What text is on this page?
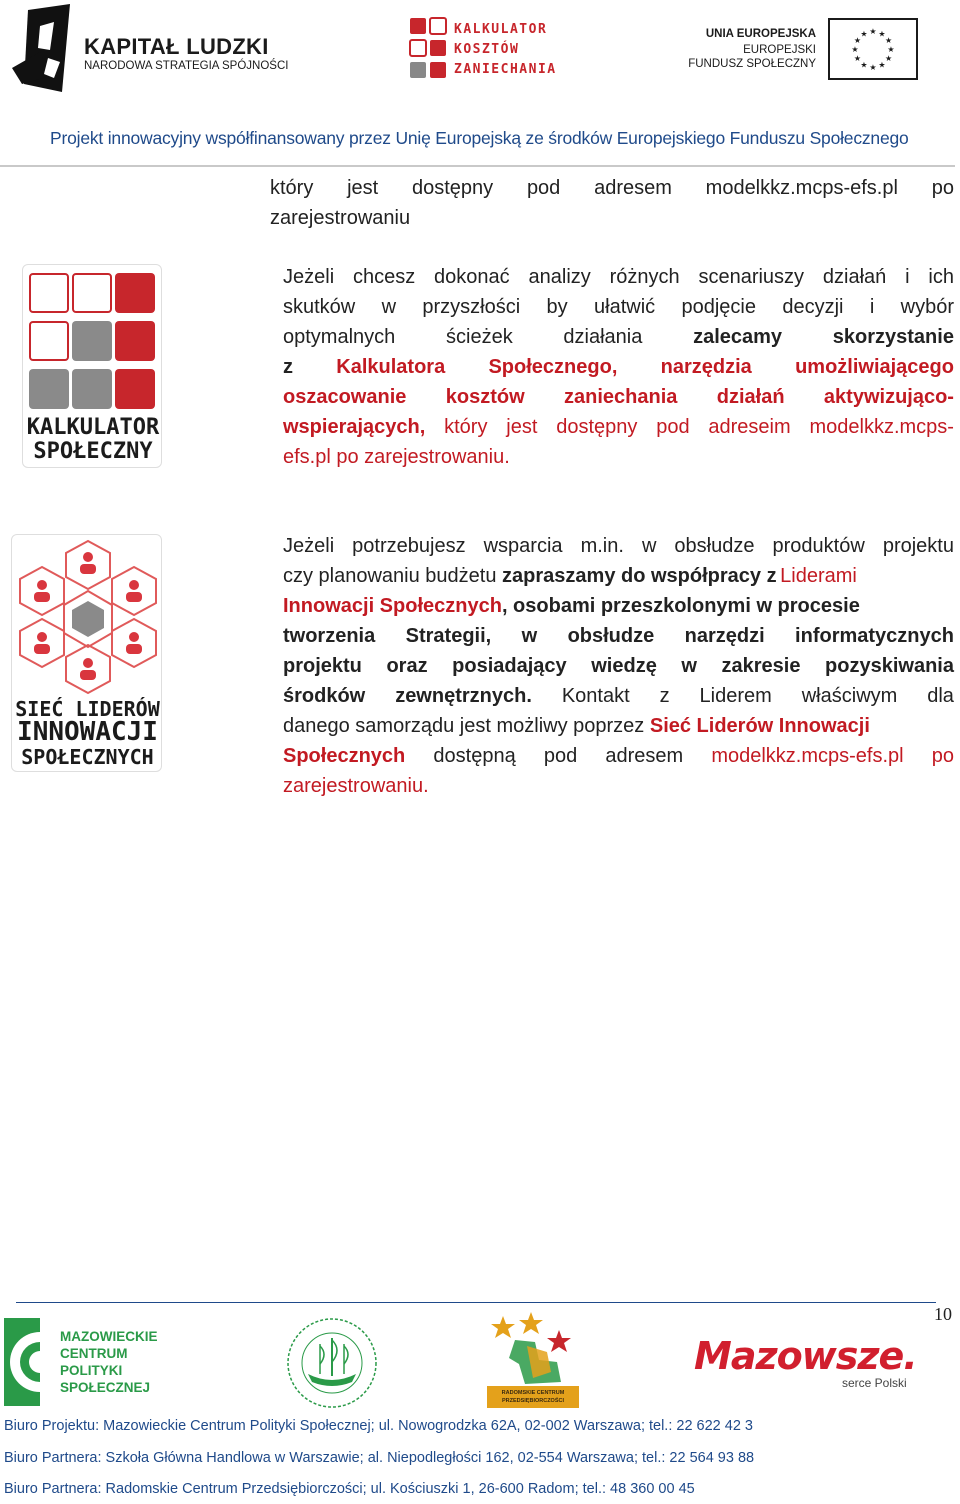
KAPITAŁ LUDZKI
NARODOWA STRATEGIA SPÓJNOŚCI
KALKULATOR
KOSZTÓW
ZANIECHANIA
UNIA EUROPEJSKA
EUROPEJSKI
FUNDUSZ SPOŁECZNY
★ ★
★
★
★
★
★
★
★
★
★
★
Projekt innowacyjny współfinansowany przez Unię Europejską ze środków Europejskiego Funduszu Społecznego
który jest dostępny pod adresem modelkkz.mcps-efs.pl po
zarejestrowaniu
KALKULATOR
SPOŁECZNY
Jeżeli chcesz dokonać analizy różnych scenariuszy działań i ich
skutków w przyszłości by ułatwić podjęcie decyzji i wybór
optymalnych	ścieżek	działania	zalecamy	skorzystanie
z Kalkulatora Społecznego, narzędzia umożliwiającego
oszacowanie kosztów zaniechania działań aktywizująco-
wspierających, który jest dostępny pod adreseim modelkkz.mcps-
efs.pl po zarejestrowaniu.
SIEĆ LIDERÓW
INNOWACJI
SPOŁECZNYCH
Jeżeli potrzebujesz wsparcia m.in. w obsłudze produktów projektu
czy planowaniu budżetu zapraszamy do współpracy z Liderami
Innowacji Społecznych, osobami przeszkolonymi w procesie
tworzenia Strategii, w obsłudze narzędzi informatycznych
projektu oraz posiadający wiedzę w zakresie pozyskiwania
środków zewnętrznych. Kontakt z Liderem właściwym dla
danego samorządu jest możliwy poprzez Sieć Liderów Innowacji
Społecznych dostępną pod adresem modelkkz.mcps-efs.pl po
zarejestrowaniu.
10
MAZOWIECKIE
CENTRUM
POLITYKI
SPOŁECZNEJ	RADOMSKIE CENTRUM
PRZEDSIĘBIORCZOŚCI
Mazowsze.
serce Polski
Biuro Projektu: Mazowieckie Centrum Polityki Społecznej; ul. Nowogrodzka 62A, 02-002 Warszawa; tel.: 22 622 42 3
Biuro Partnera: Szkoła Główna Handlowa w Warszawie; al. Niepodległości 162, 02-554 Warszawa; tel.: 22 564 93 88
Biuro Partnera: Radomskie Centrum Przedsiębiorczości; ul. Kościuszki 1, 26-600 Radom; tel.: 48 360 00 45
